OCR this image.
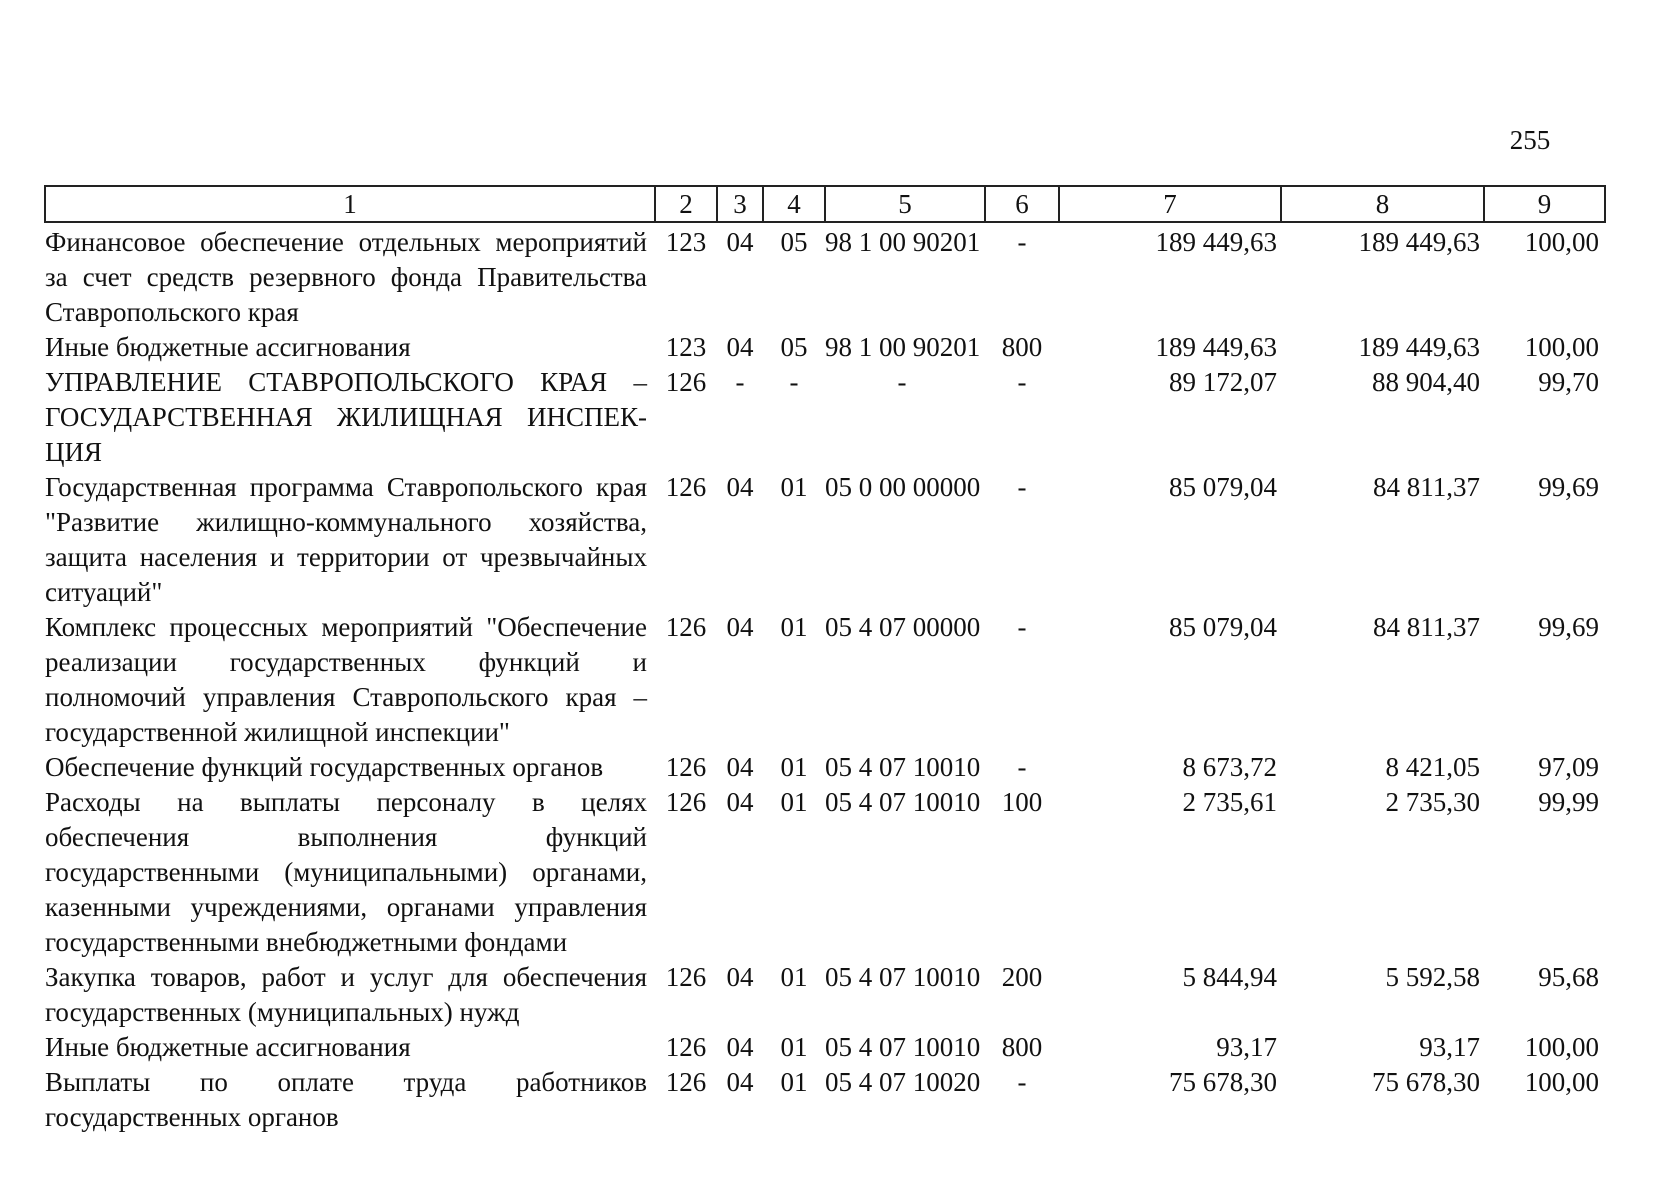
255
1	2	3	4	5	6	7	8	9
Финансовое обеспечение отдельных мероприятий за счет средств резервного фонда Правительства Ставропольского края	123	04	05	98 1 00 90201	-	189 449,63	189 449,63	100,00
Иные бюджетные ассигнования	123	04	05	98 1 00 90201	800	189 449,63	189 449,63	100,00
УПРАВЛЕНИЕ СТАВРОПОЛЬСКОГО КРАЯ – ГОСУДАРСТВЕННАЯ ЖИЛИЩНАЯ ИНСПЕК-ЦИЯ	126	-	-	-	-	89 172,07	88 904,40	99,70
Государственная программа Ставропольского края "Развитие жилищно-коммунального хозяйства, защита населения и территории от чрезвычайных ситуаций"	126	04	01	05 0 00 00000	-	85 079,04	84 811,37	99,69
Комплекс процессных мероприятий "Обеспечение реализации государственных функций и полномочий управления Ставропольского края – государственной жилищной инспекции"	126	04	01	05 4 07 00000	-	85 079,04	84 811,37	99,69
Обеспечение функций государственных органов	126	04	01	05 4 07 10010	-	8 673,72	8 421,05	97,09
Расходы на выплаты персоналу в целях обеспечения выполнения функций государственными (муниципальными) органами, казенными учреждениями, органами управления государственными внебюджетными фондами	126	04	01	05 4 07 10010	100	2 735,61	2 735,30	99,99
Закупка товаров, работ и услуг для обеспечения государственных (муниципальных) нужд	126	04	01	05 4 07 10010	200	5 844,94	5 592,58	95,68
Иные бюджетные ассигнования	126	04	01	05 4 07 10010	800	93,17	93,17	100,00
Выплаты по оплате труда работников государственных органов	126	04	01	05 4 07 10020	-	75 678,30	75 678,30	100,00
